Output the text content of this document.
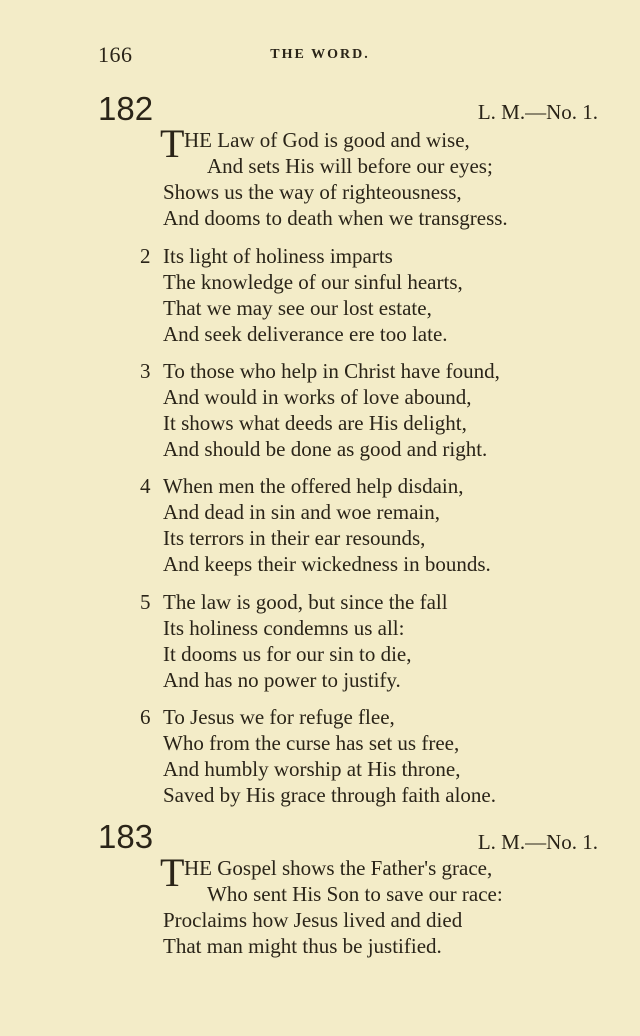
166	THE WORD.
182	L. M.—No. 1.
T HE Law of God is good and wise,
And sets His will before our eyes;
Shows us the way of righteousness,
And dooms to death when we transgress.
2 Its light of holiness imparts
The knowledge of our sinful hearts,
That we may see our lost estate,
And seek deliverance ere too late.
3 To those who help in Christ have found,
And would in works of love abound,
It shows what deeds are His delight,
And should be done as good and right.
4 When men the offered help disdain,
And dead in sin and woe remain,
Its terrors in their ear resounds,
And keeps their wickedness in bounds.
5 The law is good, but since the fall
Its holiness condemns us all:
It dooms us for our sin to die,
And has no power to justify.
6 To Jesus we for refuge flee,
Who from the curse has set us free,
And humbly worship at His throne,
Saved by His grace through faith alone.
183	L. M.—No. 1.
T HE Gospel shows the Father's grace,
Who sent His Son to save our race:
Proclaims how Jesus lived and died
That man might thus be justified.
